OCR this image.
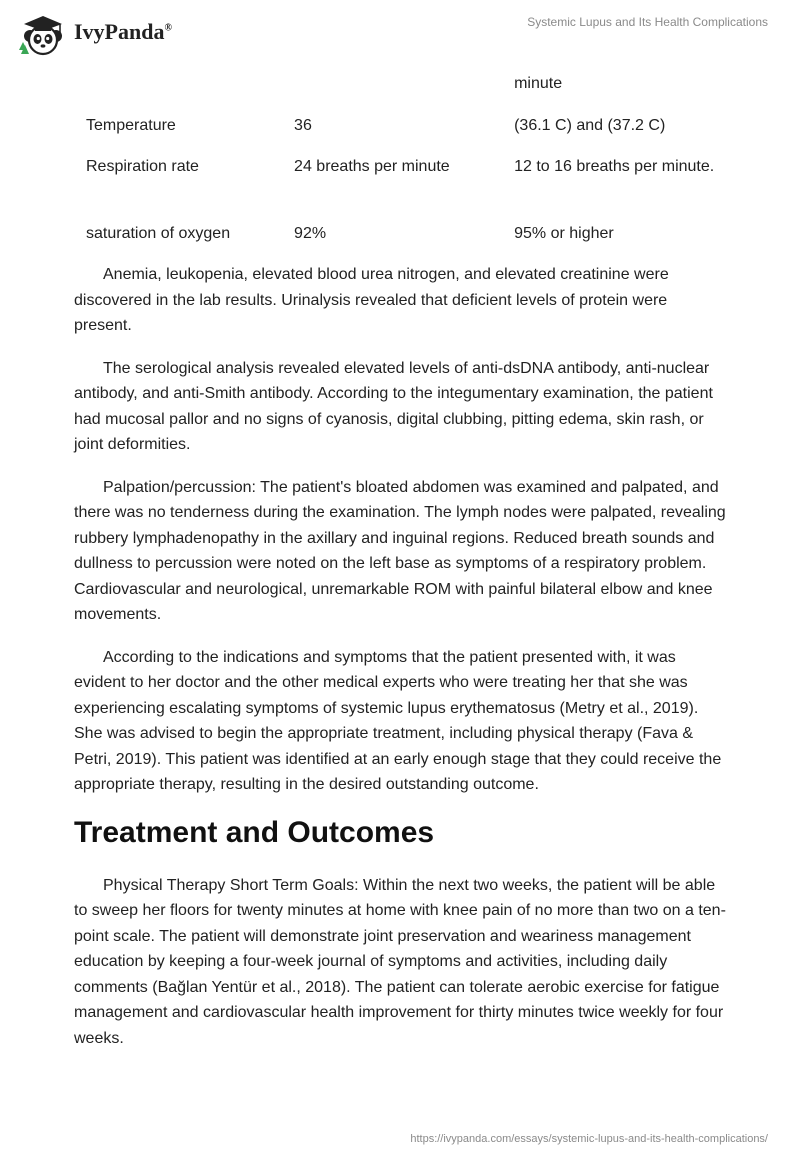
IvyPanda®	Systemic Lupus and Its Health Complications
		minute
Temperature	36	(36.1 C) and (37.2 C)
Respiration rate	24 breaths per minute	12 to 16 breaths per minute.
saturation of oxygen	92%	95% or higher

Anemia, leukopenia, elevated blood urea nitrogen, and elevated creatinine were discovered in the lab results. Urinalysis revealed that deficient levels of protein were present.

The serological analysis revealed elevated levels of anti-dsDNA antibody, anti-nuclear antibody, and anti-Smith antibody. According to the integumentary examination, the patient had mucosal pallor and no signs of cyanosis, digital clubbing, pitting edema, skin rash, or joint deformities.

Palpation/percussion: The patient's bloated abdomen was examined and palpated, and there was no tenderness during the examination. The lymph nodes were palpated, revealing rubbery lymphadenopathy in the axillary and inguinal regions. Reduced breath sounds and dullness to percussion were noted on the left base as symptoms of a respiratory problem. Cardiovascular and neurological, unremarkable ROM with painful bilateral elbow and knee movements.

According to the indications and symptoms that the patient presented with, it was evident to her doctor and the other medical experts who were treating her that she was experiencing escalating symptoms of systemic lupus erythematosus (Metry et al., 2019). She was advised to begin the appropriate treatment, including physical therapy (Fava & Petri, 2019). This patient was identified at an early enough stage that they could receive the appropriate therapy, resulting in the desired outstanding outcome.

Treatment and Outcomes

Physical Therapy Short Term Goals: Within the next two weeks, the patient will be able to sweep her floors for twenty minutes at home with knee pain of no more than two on a ten-point scale. The patient will demonstrate joint preservation and weariness management education by keeping a four-week journal of symptoms and activities, including daily comments (Bağlan Yentür et al., 2018). The patient can tolerate aerobic exercise for fatigue management and cardiovascular health improvement for thirty minutes twice weekly for four weeks.

https://ivypanda.com/essays/systemic-lupus-and-its-health-complications/
